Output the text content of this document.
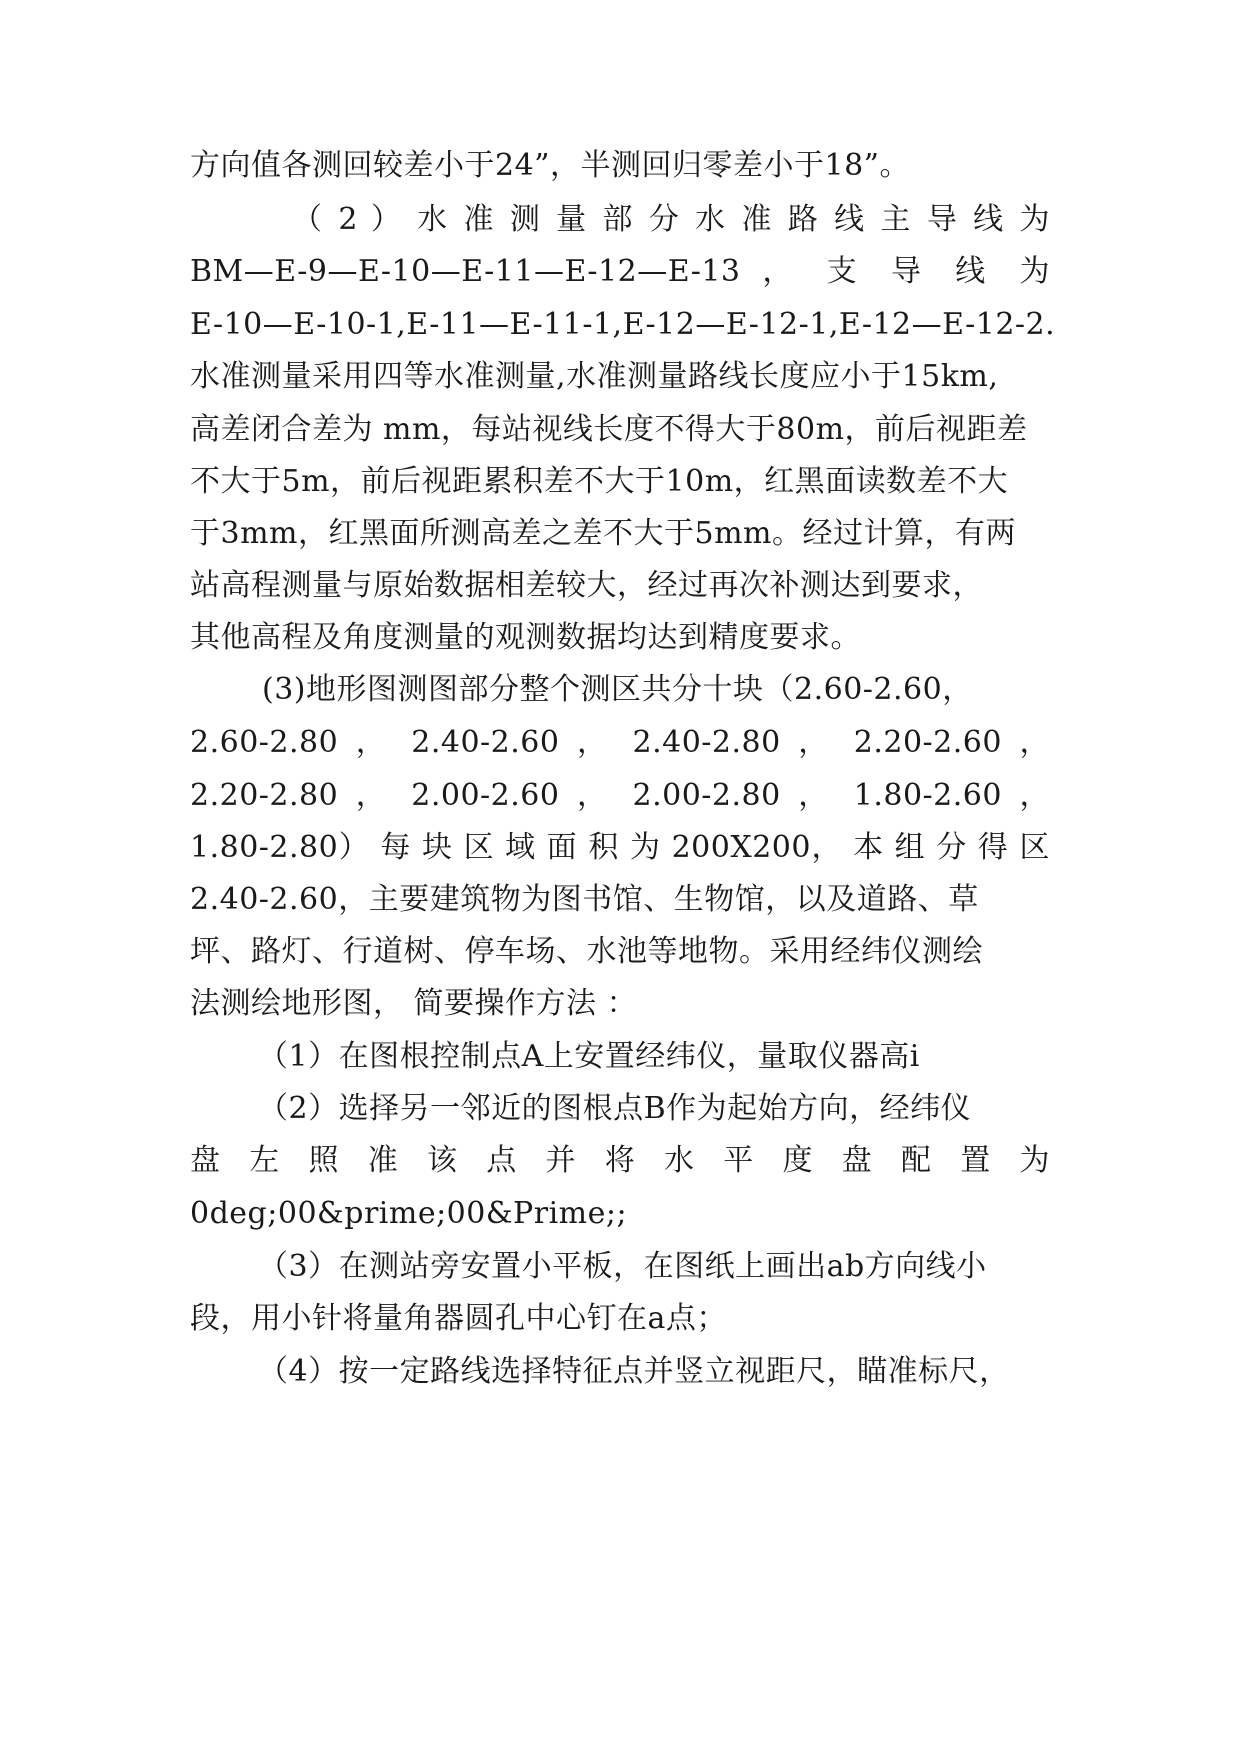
方向值各测回较差小于24”，半测回归零差小于18”。
（ 2 ） 水 准 测 量 部 分 水 准 路 线 主 导 线 为
BM—E-9—E-10—E-11—E-12—E-13 ， 支 导 线 为
E-10—E-10-1,E-11—E-11-1,E-12—E-12-1,E-12—E-12-2.
水准测量采用四等水准测量,水准测量路线长度应小于15km,
高差闭合差为 mm，每站视线长度不得大于80m，前后视距差
不大于5m，前后视距累积差不大于10m，红黑面读数差不大
于3mm，红黑面所测高差之差不大于5mm。经过计算，有两
站高程测量与原始数据相差较大，经过再次补测达到要求，
其他高程及角度测量的观测数据均达到精度要求。
(3)地形图测图部分整个测区共分十块（2.60-2.60，
2.60-2.80 ， 2.40-2.60 ， 2.40-2.80 ， 2.20-2.60 ，
2.20-2.80 ， 2.00-2.60 ， 2.00-2.80 ， 1.80-2.60 ，
1.80-2.80） 每 块 区 域 面 积 为 200X200， 本 组 分 得 区
2.40-2.60，主要建筑物为图书馆、生物馆，以及道路、草
坪、路灯、行道树、停车场、水池等地物。采用经纬仪测绘
法测绘地形图， 简要操作方法 ：
（1）在图根控制点A上安置经纬仪，量取仪器高i
（2）选择另一邻近的图根点B作为起始方向，经纬仪
盘 左 照 准 该 点 并 将 水 平 度 盘 配 置 为
0deg;00&prime;00&Prime;;
（3）在测站旁安置小平板，在图纸上画出ab方向线小
段，用小针将量角器圆孔中心钉在a点；
（4）按一定路线选择特征点并竖立视距尺，瞄准标尺，
